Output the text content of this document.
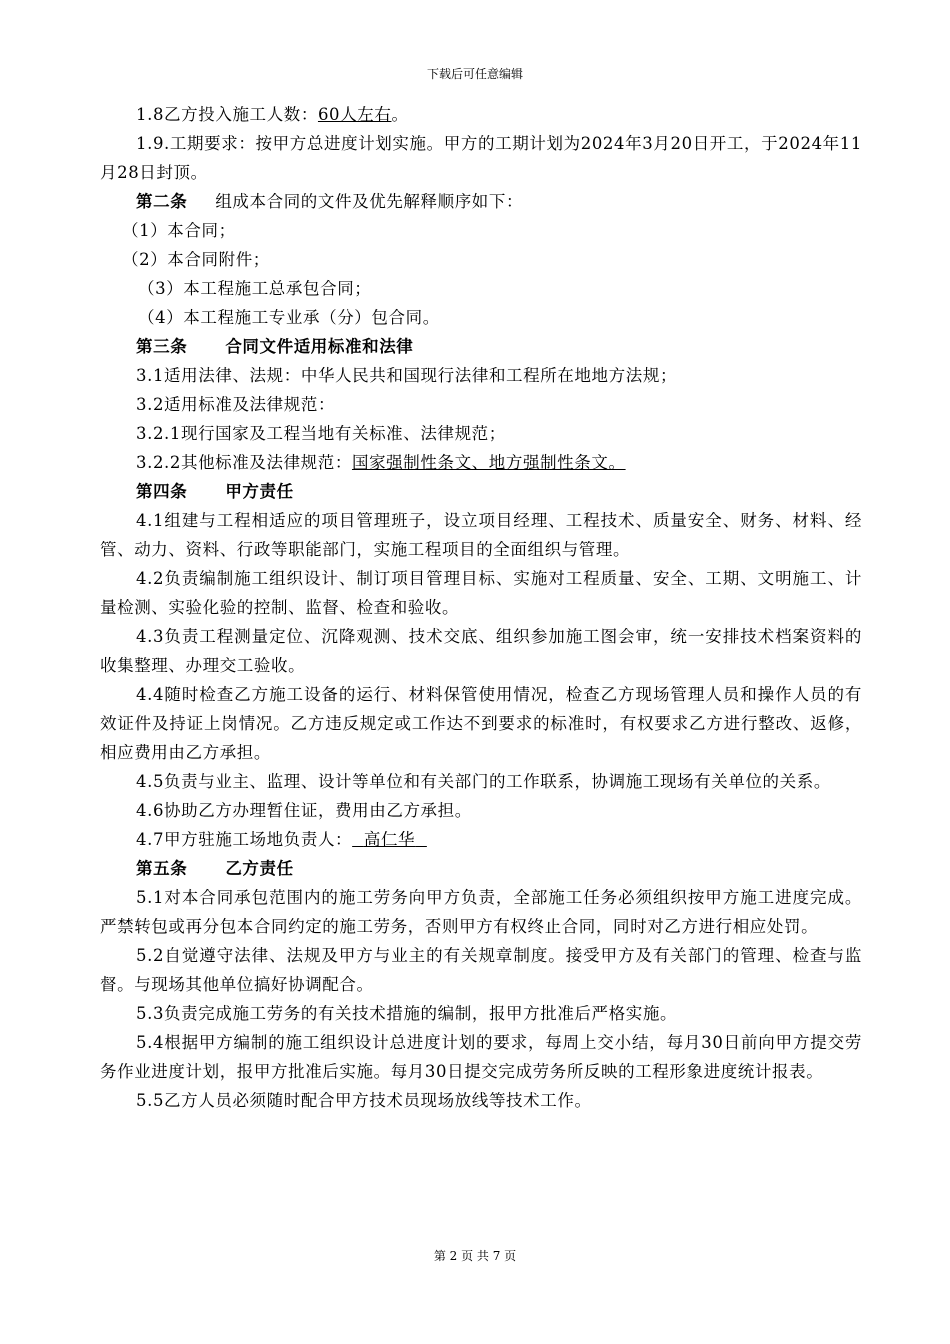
下载后可任意编辑

1.8乙方投入施工人数：60人左右。

1.9.工期要求：按甲方总进度计划实施。甲方的工期计划为2024年3月20日开工，于2024年11月28日封顶。

第二条 组成本合同的文件及优先解释顺序如下：

（1）本合同；

（2）本合同附件；

（3）本工程施工总承包合同；

（4）本工程施工专业承（分）包合同。

第三条 合同文件适用标准和法律

3.1适用法律、法规：中华人民共和国现行法律和工程所在地地方法规；

3.2适用标准及法律规范：

3.2.1现行国家及工程当地有关标准、法律规范；

3.2.2其他标准及法律规范：国家强制性条文、地方强制性条文。

第四条 甲方责任

4.1组建与工程相适应的项目管理班子，设立项目经理、工程技术、质量安全、财务、材料、经管、动力、资料、行政等职能部门，实施工程项目的全面组织与管理。

4.2负责编制施工组织设计、制订项目管理目标、实施对工程质量、安全、工期、文明施工、计量检测、实验化验的控制、监督、检查和验收。

4.3负责工程测量定位、沉降观测、技术交底、组织参加施工图会审，统一安排技术档案资料的收集整理、办理交工验收。

4.4随时检查乙方施工设备的运行、材料保管使用情况，检查乙方现场管理人员和操作人员的有效证件及持证上岗情况。乙方违反规定或工作达不到要求的标准时，有权要求乙方进行整改、返修，相应费用由乙方承担。

4.5负责与业主、监理、设计等单位和有关部门的工作联系，协调施工现场有关单位的关系。

4.6协助乙方办理暂住证，费用由乙方承担。

4.7甲方驻施工场地负责人： 高仁华

第五条 乙方责任

5.1对本合同承包范围内的施工劳务向甲方负责，全部施工任务必须组织按甲方施工进度完成。严禁转包或再分包本合同约定的施工劳务，否则甲方有权终止合同，同时对乙方进行相应处罚。

5.2自觉遵守法律、法规及甲方与业主的有关规章制度。接受甲方及有关部门的管理、检查与监督。与现场其他单位搞好协调配合。

5.3负责完成施工劳务的有关技术措施的编制，报甲方批准后严格实施。

5.4根据甲方编制的施工组织设计总进度计划的要求，每周上交小结，每月30日前向甲方提交劳务作业进度计划，报甲方批准后实施。每月30日提交完成劳务所反映的工程形象进度统计报表。

5.5乙方人员必须随时配合甲方技术员现场放线等技术工作。

第 2 页 共 7 页
